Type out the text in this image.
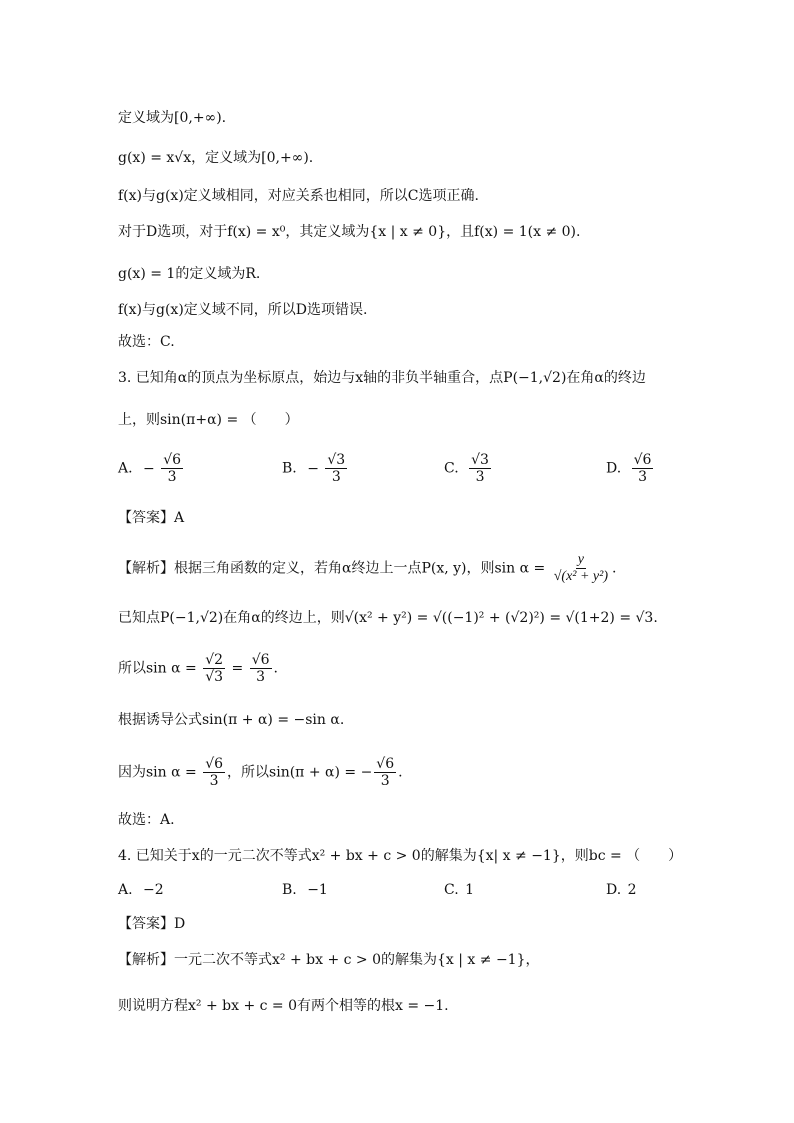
定义域为[0,+∞).
g(x) = x√x，定义域为[0,+∞).
f(x)与g(x)定义域相同，对应关系也相同，所以C选项正确.
对于D选项，对于f(x) = x⁰，其定义域为{x | x ≠ 0}，且f(x) = 1(x ≠ 0).
g(x) = 1的定义域为R.
f(x)与g(x)定义域不同，所以D选项错误.
故选：C.
3. 已知角α的顶点为坐标原点，始边与x轴的非负半轴重合，点P(−1,√2)在角α的终边
上，则sin(π+α) = （　　）
A. − $\frac{√6}{3}$	B. − $\frac{√3}{3}$	C. $\frac{√3}{3}$	D. $\frac{√6}{3}$
【答案】A
【解析】根据三角函数的定义，若角α终边上一点P(x, y)，则$\sin \alpha = \frac{y}{\text{√(x² + y²)}}$ .
已知点P(−1,√2)在角α的终边上，则√(x² + y²) = √((−1)² + (√2)²) = √(1+2) = √3.
所以$\sin \alpha = \frac{√2}{√3} = \frac{√6}{3}$ .
根据诱导公式sin(π + α) = −sin α.
因为$\sin \alpha = \frac{√6}{3}$ ，所以sin(π + α) = − $\frac{√6}{3}$ .
故选：A.
4. 已知关于x的一元二次不等式x² + bx + c > 0的解集为{x| x ≠ −1}，则bc = （　　）
A. −2	B. −1	C. 1	D. 2
【答案】D
【解析】一元二次不等式x² + bx + c > 0的解集为{x | x ≠ −1}，
则说明方程x² + bx + c = 0有两个相等的根x = −1.
